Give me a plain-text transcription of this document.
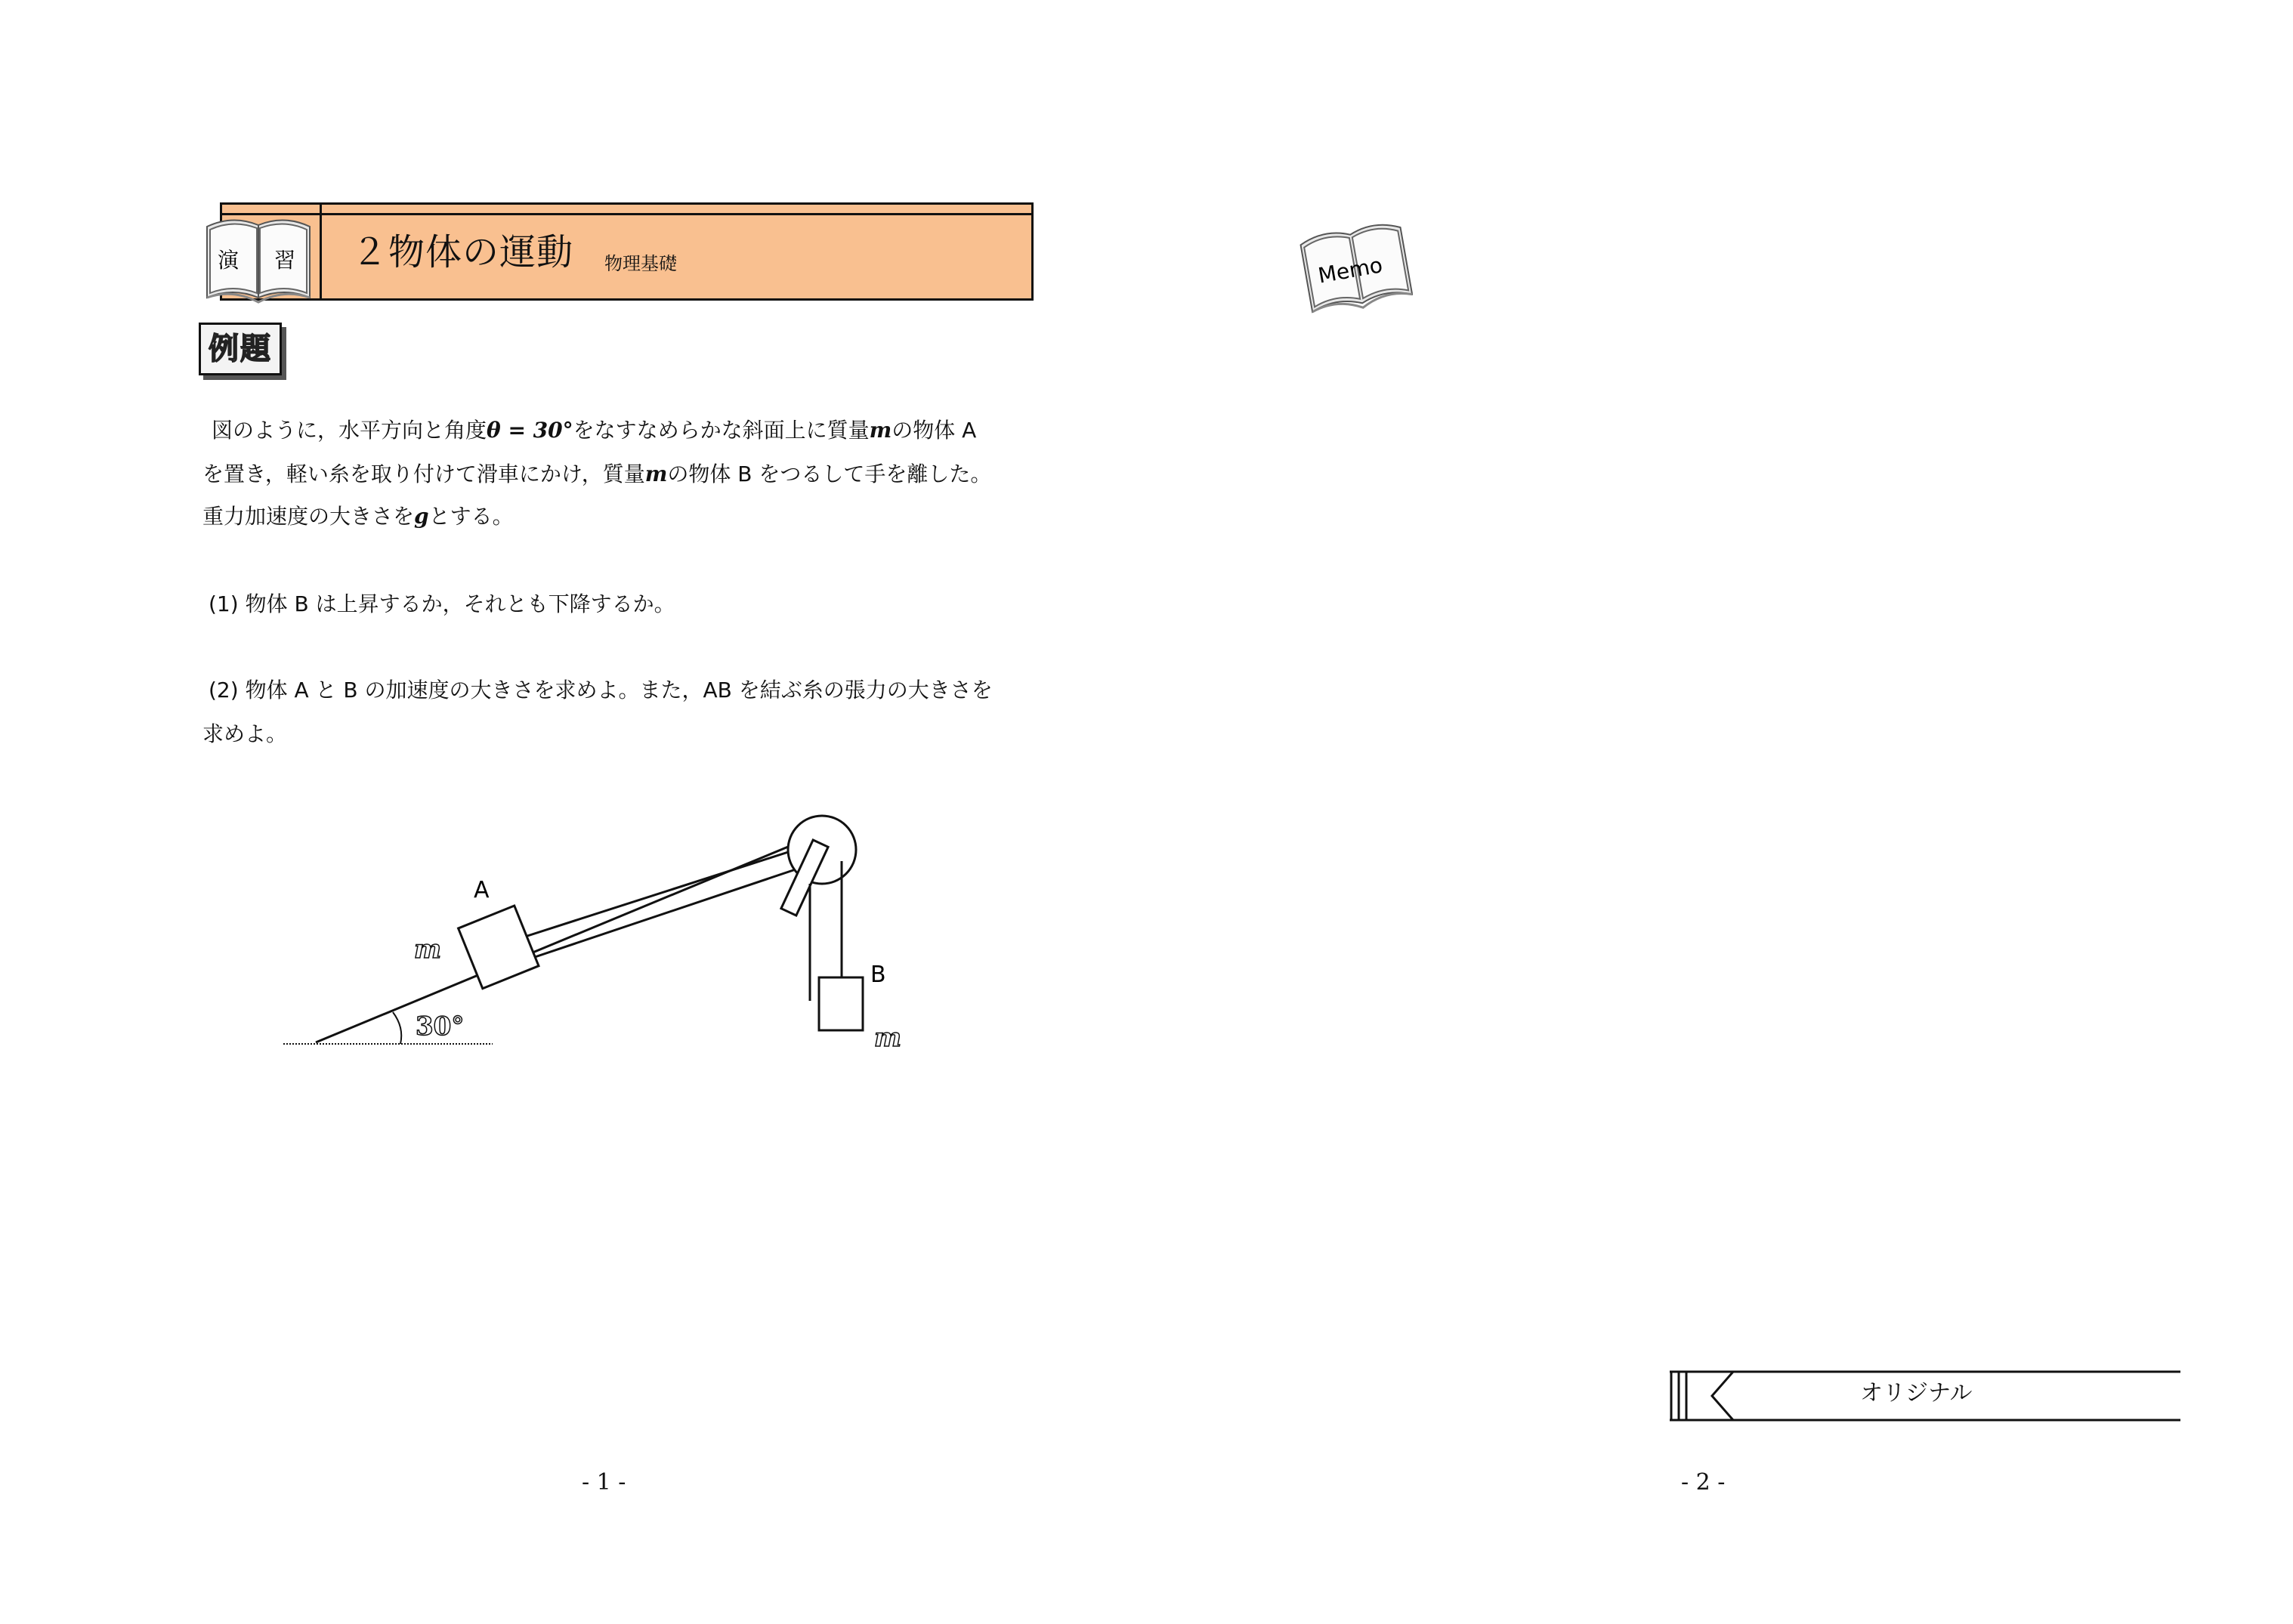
演 習 ２物体の運動 物理基礎
例題
図のように，水平方向と角度θ = 30°をなすなめらかな斜面上に質量mの物体 A
を置き，軽い糸を取り付けて滑車にかけ，質量mの物体 B をつるして手を離した。
重力加速度の大きさをgとする。
(1) 物体 B は上昇するか，それとも下降するか。
(2) 物体 A と B の加速度の大きさを求めよ。また，AB を結ぶ糸の張力の大きさを
求めよ。
30°
A
m
B
m
Memo
オリジナル
- 1 -	- 2 -
